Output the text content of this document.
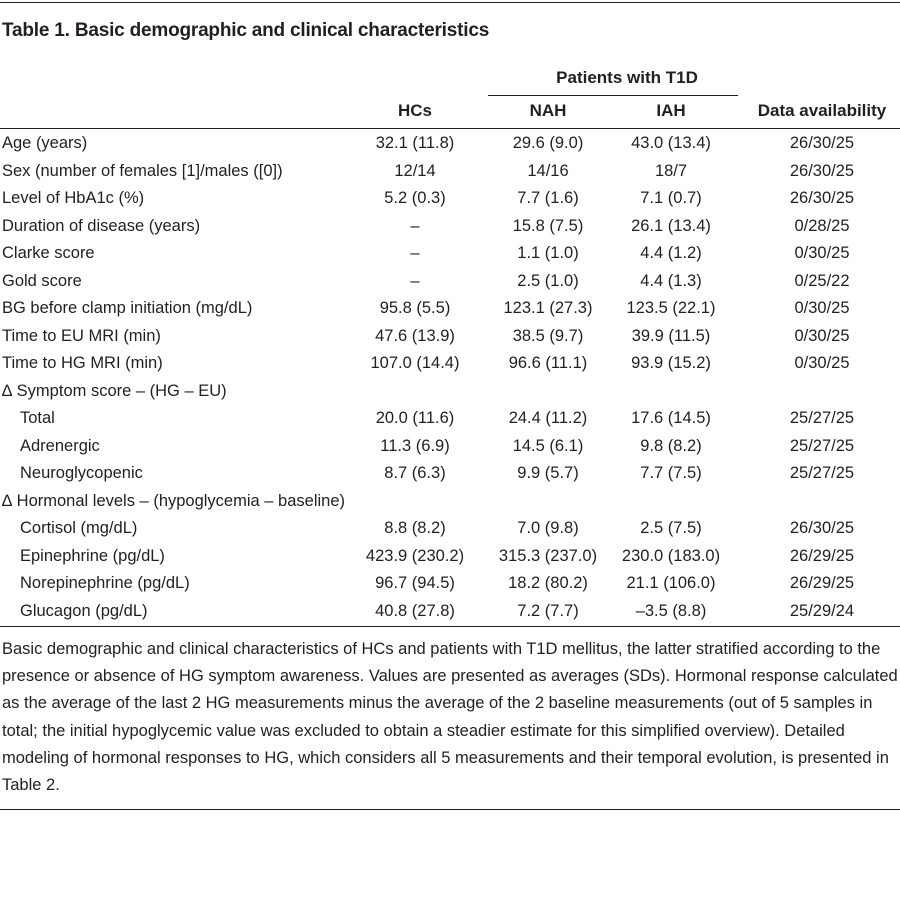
Table 1. Basic demographic and clinical characteristics
Patients with T1D
HCs	NAH	IAH	Data availability
Age (years)	32.1 (11.8)	29.6 (9.0)	43.0 (13.4)	26/30/25
Sex (number of females [1]/males ([0])	12/14	14/16	18/7	26/30/25
Level of HbA1c (%)	5.2 (0.3)	7.7 (1.6)	7.1 (0.7)	26/30/25
Duration of disease (years)	–	15.8 (7.5)	26.1 (13.4)	0/28/25
Clarke score	–	1.1 (1.0)	4.4 (1.2)	0/30/25
Gold score	–	2.5 (1.0)	4.4 (1.3)	0/25/22
BG before clamp initiation (mg/dL)	95.8 (5.5)	123.1 (27.3)	123.5 (22.1)	0/30/25
Time to EU MRI (min)	47.6 (13.9)	38.5 (9.7)	39.9 (11.5)	0/30/25
Time to HG MRI (min)	107.0 (14.4)	96.6 (11.1)	93.9 (15.2)	0/30/25
∆ Symptom score – (HG – EU)
Total	20.0 (11.6)	24.4 (11.2)	17.6 (14.5)	25/27/25
Adrenergic	11.3 (6.9)	14.5 (6.1)	9.8 (8.2)	25/27/25
Neuroglycopenic	8.7 (6.3)	9.9 (5.7)	7.7 (7.5)	25/27/25
∆ Hormonal levels – (hypoglycemia – baseline)
Cortisol (mg/dL)	8.8 (8.2)	7.0 (9.8)	2.5 (7.5)	26/30/25
Epinephrine (pg/dL)	423.9 (230.2)	315.3 (237.0)	230.0 (183.0)	26/29/25
Norepinephrine (pg/dL)	96.7 (94.5)	18.2 (80.2)	21.1 (106.0)	26/29/25
Glucagon (pg/dL)	40.8 (27.8)	7.2 (7.7)	–3.5 (8.8)	25/29/24
Basic demographic and clinical characteristics of HCs and patients with T1D mellitus, the latter stratified according to the presence or absence of HG symptom awareness. Values are presented as averages (SDs). Hormonal response calculated as the average of the last 2 HG measurements minus the average of the 2 baseline measurements (out of 5 samples in total; the initial hypoglycemic value was excluded to obtain a steadier estimate for this simplified overview). Detailed modeling of hormonal responses to HG, which considers all 5 measurements and their temporal evolution, is presented in Table 2.
